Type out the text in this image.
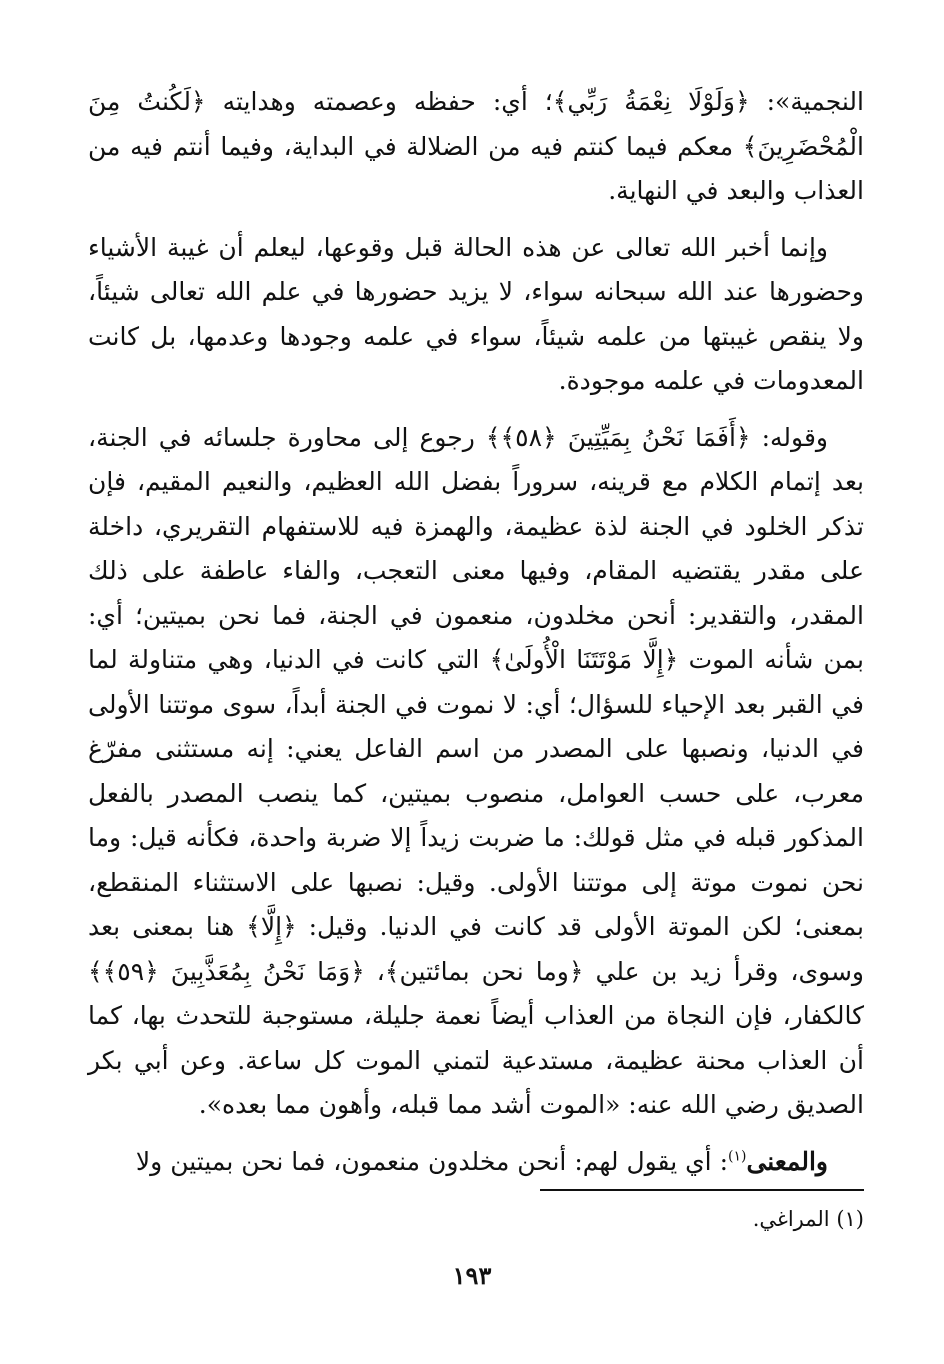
النجمية»: ﴿وَلَوْلَا نِعْمَةُ رَبِّي﴾؛ أي: حفظه وعصمته وهدايته ﴿لَكُنتُ مِنَ الْمُحْضَرِينَ﴾ معكم فيما كنتم فيه من الضلالة في البداية، وفيما أنتم فيه من العذاب والبعد في النهاية.

وإنما أخبر الله تعالى عن هذه الحالة قبل وقوعها، ليعلم أن غيبة الأشياء وحضورها عند الله سبحانه سواء، لا يزيد حضورها في علم الله تعالى شيئاً، ولا ينقص غيبتها من علمه شيئاً، سواء في علمه وجودها وعدمها، بل كانت المعدومات في علمه موجودة.

وقوله: ﴿أَفَمَا نَحْنُ بِمَيِّتِينَ ﴿٥٨﴾﴾ رجوع إلى محاورة جلسائه في الجنة، بعد إتمام الكلام مع قرينه، سروراً بفضل الله العظيم، والنعيم المقيم، فإن تذكر الخلود في الجنة لذة عظيمة، والهمزة فيه للاستفهام التقريري، داخلة على مقدر يقتضيه المقام، وفيها معنى التعجب، والفاء عاطفة على ذلك المقدر، والتقدير: أنحن مخلدون، منعمون في الجنة، فما نحن بميتين؛ أي: بمن شأنه الموت ﴿إِلَّا مَوْتَتَنَا الْأُولَىٰ﴾ التي كانت في الدنيا، وهي متناولة لما في القبر بعد الإحياء للسؤال؛ أي: لا نموت في الجنة أبداً، سوى موتتنا الأولى في الدنيا، ونصبها على المصدر من اسم الفاعل يعني: إنه مستثنى مفرّغ معرب، على حسب العوامل، منصوب بميتين، كما ينصب المصدر بالفعل المذكور قبله في مثل قولك: ما ضربت زيداً إلا ضربة واحدة، فكأنه قيل: وما نحن نموت موتة إلى موتتنا الأولى. وقيل: نصبها على الاستثناء المنقطع، بمعنى؛ لكن الموتة الأولى قد كانت في الدنيا. وقيل: ﴿إِلَّا﴾ هنا بمعنى بعد وسوى، وقرأ زيد بن علي ﴿وما نحن بمائتين﴾، ﴿وَمَا نَحْنُ بِمُعَذَّبِينَ ﴿٥٩﴾﴾ كالكفار، فإن النجاة من العذاب أيضاً نعمة جليلة، مستوجبة للتحدث بها، كما أن العذاب محنة عظيمة، مستدعية لتمني الموت كل ساعة. وعن أبي بكر الصديق رضي الله عنه: «الموت أشد مما قبله، وأهون مما بعده».

والمعنى$^{(١)}$: أي يقول لهم: أنحن مخلدون منعمون، فما نحن بميتين ولا

(١) المراغي.
١٩٣
